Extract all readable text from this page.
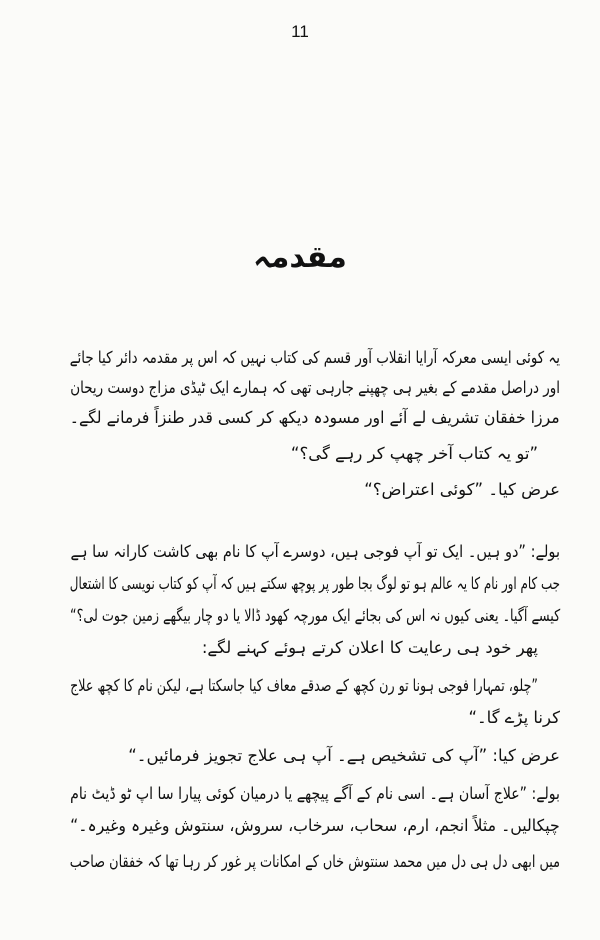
11
مقدمہ
یہ کوئی ایسی معرکہ آرایا انقلاب آور قسم کی کتاب نہیں کہ اس پر مقدمہ دائر کیا جائے
اور دراصل مقدمے کے بغیر ہی چھپنے جارہی تھی کہ ہمارے ایک ٹیڈی مزاج دوست ریحان
مرزا خفقان تشریف لے آئے اور مسودہ دیکھ کر کسی قدر طنزاً فرمانے لگے۔
”تو یہ کتاب آخر چھپ کر رہے گی؟“
عرض کیا۔ ”کوئی اعتراض؟“
بولے: ”دو ہیں۔ ایک تو آپ فوجی ہیں، دوسرے آپ کا نام بھی کاشت کارانہ سا ہے
جب کام اور نام کا یہ عالم ہو تو لوگ بجا طور پر پوچھ سکتے ہیں کہ آپ کو کتاب نویسی کا اشتعال
کیسے آگیا۔ یعنی کیوں نہ اس کی بجائے ایک مورچہ کھود ڈالا یا دو چار بیگھے زمین جوت لی؟“
پھر خود ہی رعایت کا اعلان کرتے ہوئے کہنے لگے:
”چلو، تمہارا فوجی ہونا تو رن کچھ کے صدقے معاف کیا جاسکتا ہے، لیکن نام کا کچھ علاج
کرنا پڑے گا۔“
عرض کیا: ”آپ کی تشخیص ہے۔ آپ ہی علاج تجویز فرمائیں۔“
بولے: ”علاج آسان ہے۔ اسی نام کے آگے پیچھے یا درمیان کوئی پیارا سا اپ ٹو ڈیٹ نام
چپکالیں۔ مثلاً انجم، ارم، سحاب، سرخاب، سروش، سنتوش وغیرہ وغیرہ۔“
میں ابھی دل ہی دل میں محمد سنتوش خاں کے امکانات پر غور کر رہا تھا کہ خفقان صاحب
